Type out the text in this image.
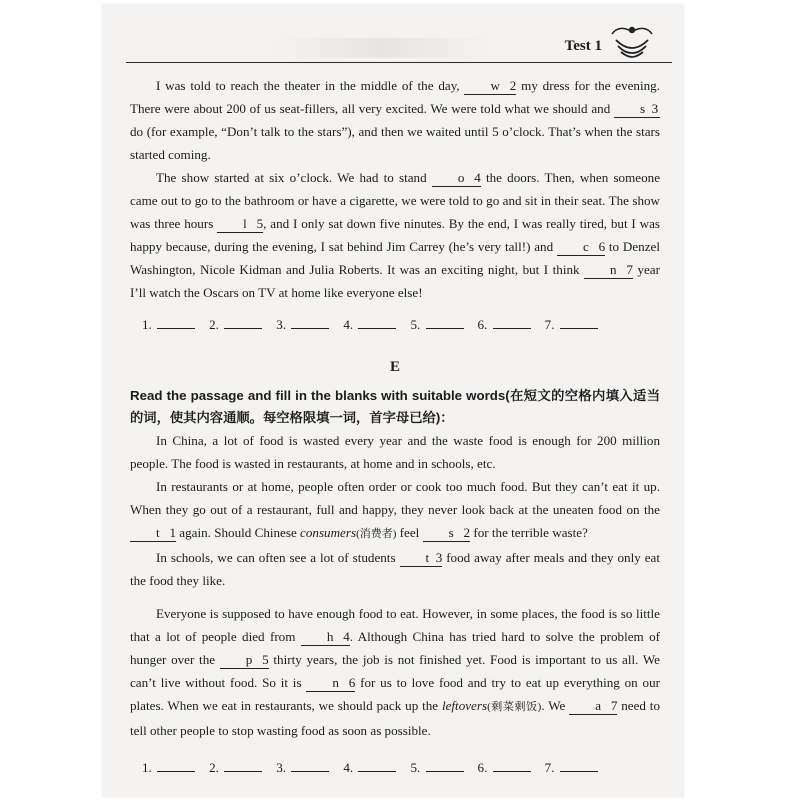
Test 1

I was told to reach the theater in the middle of the day, w 2 my dress for the evening. There were about 200 of us seat-fillers, all very excited. We were told what we should and s 3 do (for example, “Don’t talk to the stars”), and then we waited until 5 o’clock. That’s when the stars started coming.

The show started at six o’clock. We had to stand o 4 the doors. Then, when someone came out to go to the bathroom or have a cigarette, we were told to go and sit in their seat. The show was three hours l 5, and I only sat down five ninutes. By the end, I was really tired, but I was happy because, during the evening, I sat behind Jim Carrey (he’s very tall!) and c 6 to Denzel Washington, Nicole Kidman and Julia Roberts. It was an exciting night, but I think n 7 year I’ll watch the Oscars on TV at home like everyone else!

1.	2.	3.	4.	5.	6.	7.
E
Read the passage and fill in the blanks with suitable words(在短文的空格内填入适当的词，使其内容通顺。每空格限填一词，首字母已给)：

In China, a lot of food is wasted every year and the waste food is enough for 200 million people. The food is wasted in restaurants, at home and in schools, etc.

In restaurants or at home, people often order or cook too much food. But they can’t eat it up. When they go out of a restaurant, full and happy, they never look back at the uneaten food on the t 1 again. Should Chinese consumers(消费者) feel s 2 for the terrible waste?

In schools, we can often see a lot of students t 3 food away after meals and they only eat the food they like.

Everyone is supposed to have enough food to eat. However, in some places, the food is so little that a lot of people died from h 4. Although China has tried hard to solve the problem of hunger over the p 5 thirty years, the job is not finished yet. Food is important to us all. We can’t live without food. So it is n 6 for us to love food and try to eat up everything on our plates. When we eat in restaurants, we should pack up the leftovers(剩菜剩饭). We a 7 need to tell other people to stop wasting food as soon as possible.

1.	2.	3.	4.	5.	6.	7.
